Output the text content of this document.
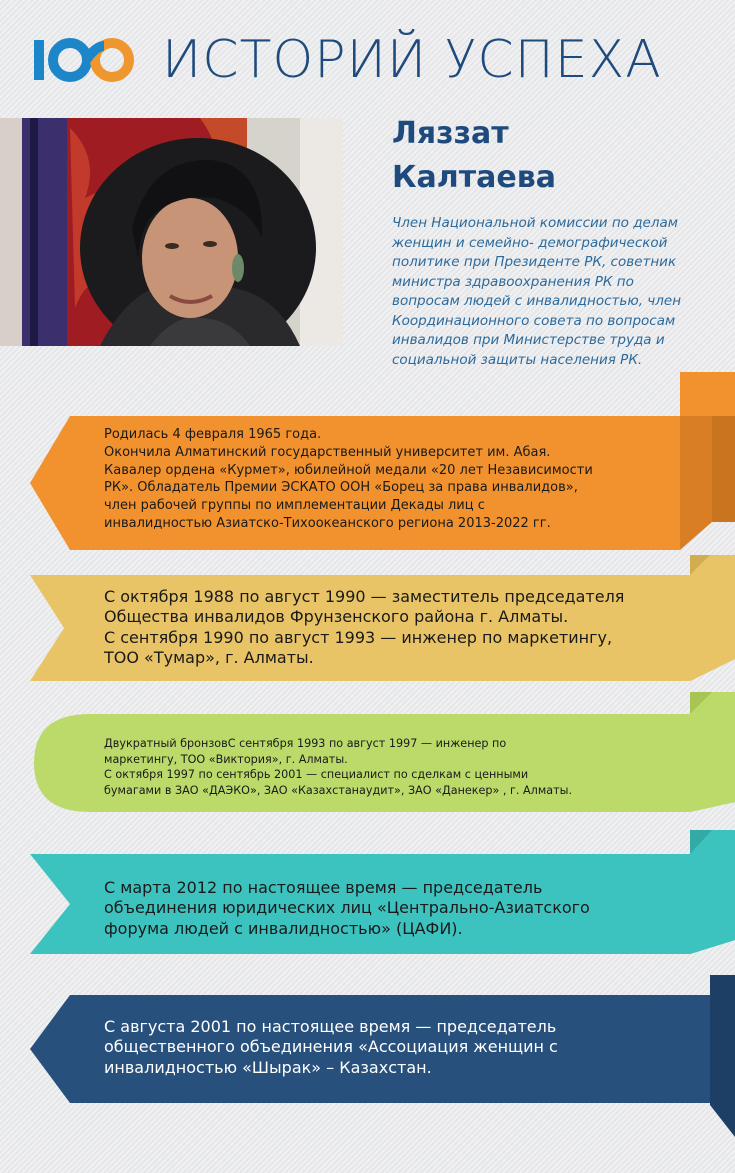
ИСТОРИЙ УСПЕХА
Ляззат
Калтаева
Член Национальной комиссии по делам женщин и семейно- демографической политике при Президенте РК, советник министра здравоохранения РК по вопросам людей с инвалидностью, член Координационного совета по вопросам инвалидов при Министерстве труда и социальной защиты населения РК.
Родилась 4 февраля 1965 года.
Окончила Алматинский государственный университет им. Абая.
Кавалер ордена «Курмет», юбилейной медали «20 лет Независимости
РК». Обладатель Премии ЭСКАТО ООН «Борец за права инвалидов»,
член рабочей группы по имплементации Декады лиц с
инвалидностью Азиатско-Тихоокеанского региона 2013-2022 гг.
С октября 1988 по август 1990 — заместитель председателя
Общества инвалидов Фрунзенского района г. Алматы.
С сентября 1990 по август 1993 — инженер по маркетингу,
ТОО «Тумар», г. Алматы.
Двукратный бронзовС сентября 1993 по август 1997 — инженер по
маркетингу, ТОО «Виктория», г. Алматы.
С октября 1997 по сентябрь 2001 — специалист по сделкам с ценными
бумагами в ЗАО «ДАЭКО», ЗАО «Казахстанаудит», ЗАО «Данекер» , г. Алматы.
С марта 2012 по настоящее время — председатель
объединения юридических лиц «Центрально-Азиатского
форума людей с инвалидностью» (ЦАФИ).
С августа 2001 по настоящее время — председатель
общественного объединения «Ассоциация женщин с
инвалидностью «Шырак» – Казахстан.
